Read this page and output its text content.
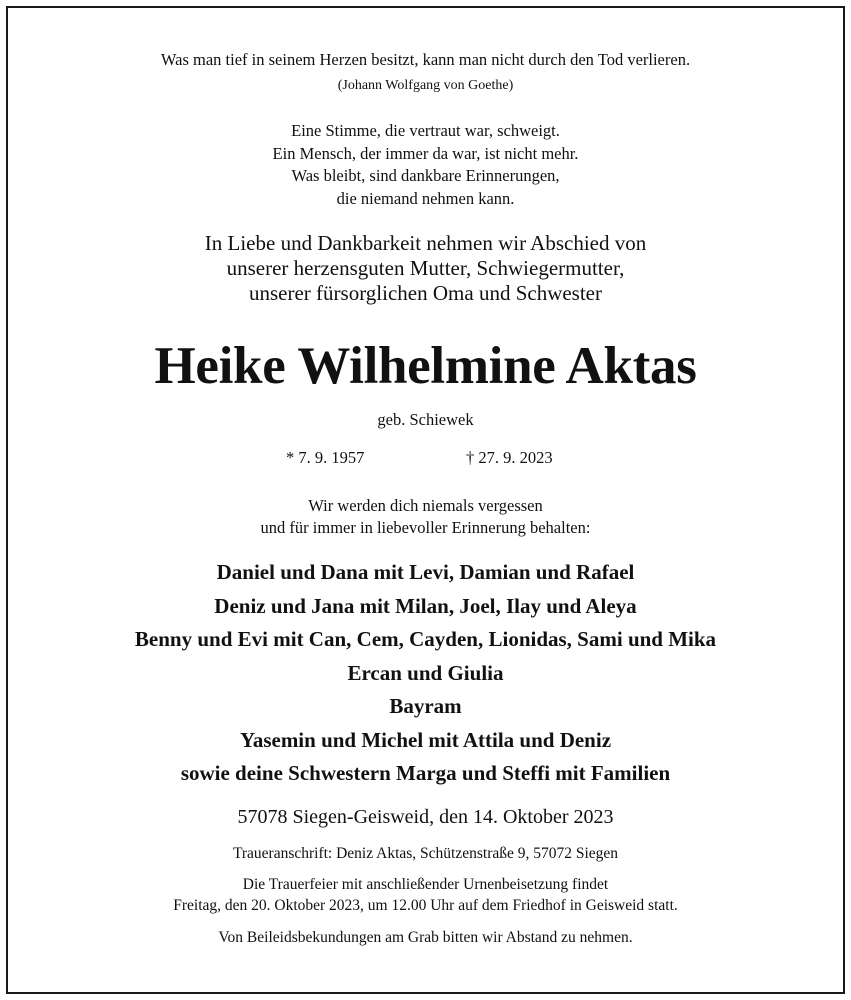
Was man tief in seinem Herzen besitzt, kann man nicht durch den Tod verlieren.
(Johann Wolfgang von Goethe)
Eine Stimme, die vertraut war, schweigt.
Ein Mensch, der immer da war, ist nicht mehr.
Was bleibt, sind dankbare Erinnerungen,
die niemand nehmen kann.
In Liebe und Dankbarkeit nehmen wir Abschied von
unserer herzensguten Mutter, Schwiegermutter,
unserer fürsorglichen Oma und Schwester
Heike Wilhelmine Aktas
geb. Schiewek
* 7. 9. 1957	† 27. 9. 2023
Wir werden dich niemals vergessen
und für immer in liebevoller Erinnerung behalten:
Daniel und Dana mit Levi, Damian und Rafael
Deniz und Jana mit Milan, Joel, Ilay und Aleya
Benny und Evi mit Can, Cem, Cayden, Lionidas, Sami und Mika
Ercan und Giulia
Bayram
Yasemin und Michel mit Attila und Deniz
sowie deine Schwestern Marga und Steffi mit Familien
57078 Siegen-Geisweid, den 14. Oktober 2023
Traueranschrift: Deniz Aktas, Schützenstraße 9, 57072 Siegen
Die Trauerfeier mit anschließender Urnenbeisetzung findet
Freitag, den 20. Oktober 2023, um 12.00 Uhr auf dem Friedhof in Geisweid statt.
Von Beileidsbekundungen am Grab bitten wir Abstand zu nehmen.
